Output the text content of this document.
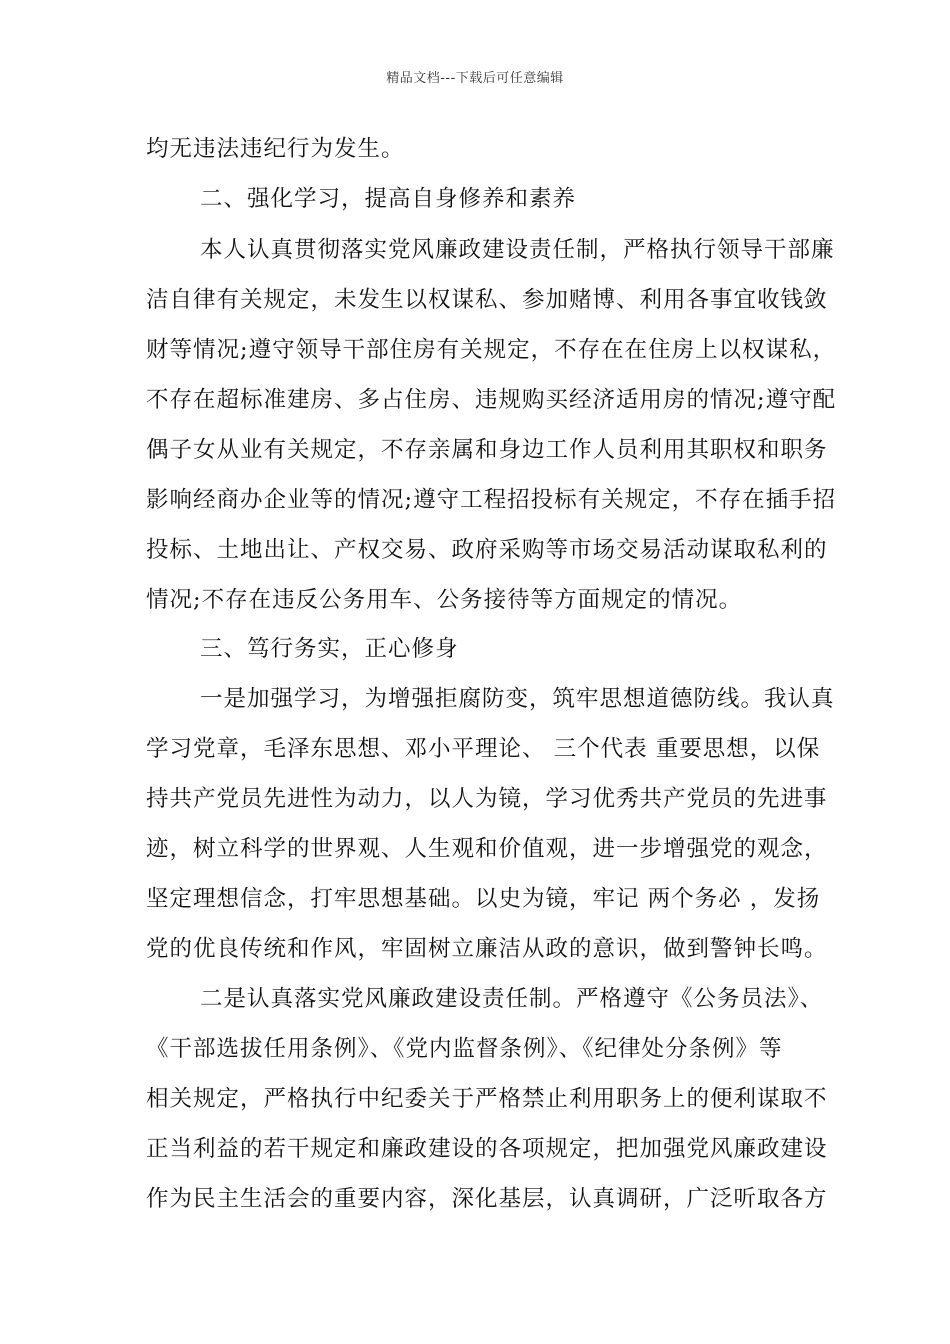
精品文档---下载后可任意编辑
均无违法违纪行为发生。
二、强化学习，提高自身修养和素养
本人认真贯彻落实党风廉政建设责任制，严格执行领导干部廉
洁自律有关规定，未发生以权谋私、参加赌博、利用各事宜收钱敛
财等情况;遵守领导干部住房有关规定，不存在在住房上以权谋私，
不存在超标准建房、多占住房、违规购买经济适用房的情况;遵守配
偶子女从业有关规定，不存亲属和身边工作人员利用其职权和职务
影响经商办企业等的情况;遵守工程招投标有关规定，不存在插手招
投标、土地出让、产权交易、政府采购等市场交易活动谋取私利的
情况;不存在违反公务用车、公务接待等方面规定的情况。
三、笃行务实，正心修身
一是加强学习，为增强拒腐防变，筑牢思想道德防线。我认真
学习党章，毛泽东思想、邓小平理论、 三个代表 重要思想，以保
持共产党员先进性为动力，以人为镜，学习优秀共产党员的先进事
迹，树立科学的世界观、人生观和价值观，进一步增强党的观念，
坚定理想信念，打牢思想基础。以史为镜，牢记 两个务必 ，发扬
党的优良传统和作风，牢固树立廉洁从政的意识，做到警钟长鸣。
二是认真落实党风廉政建设责任制。严格遵守《公务员法》、
《干部选拔任用条例》、《党内监督条例》、《纪律处分条例》等
相关规定，严格执行中纪委关于严格禁止利用职务上的便利谋取不
正当利益的若干规定和廉政建设的各项规定，把加强党风廉政建设
作为民主生活会的重要内容，深化基层，认真调研，广泛听取各方
